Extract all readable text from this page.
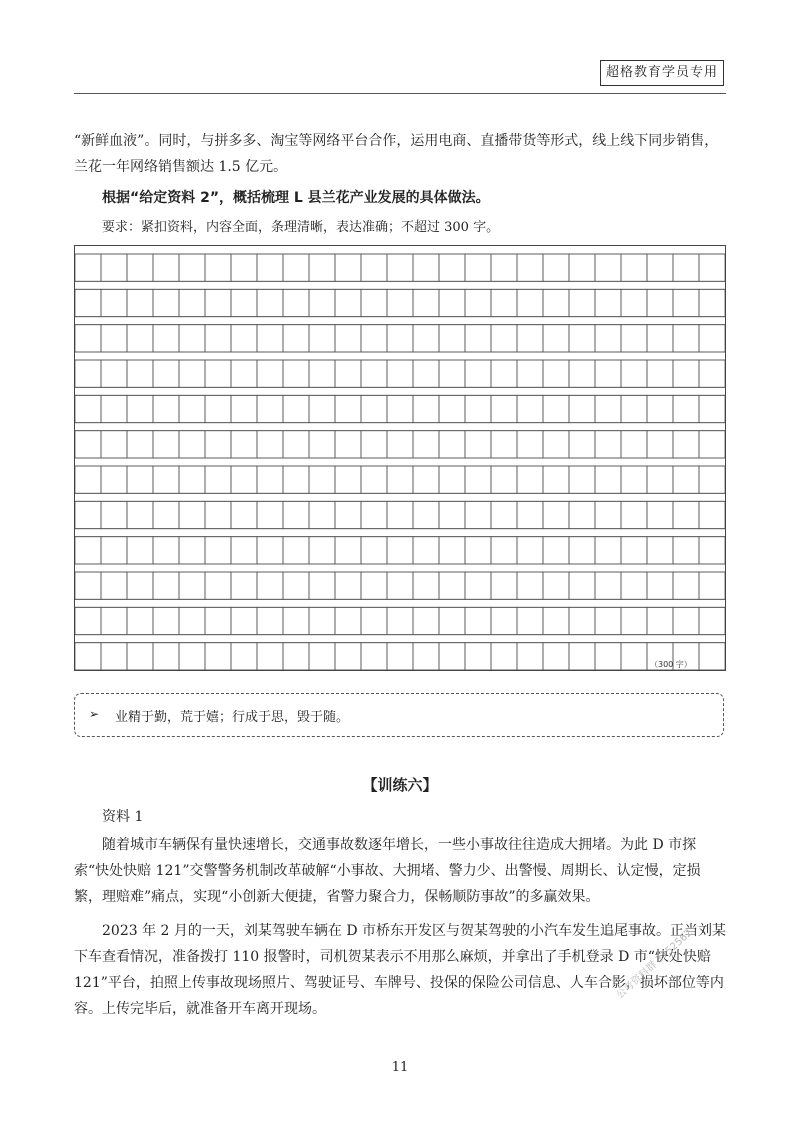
超格教育学员专用

“新鲜血液”。同时，与拼多多、淘宝等网络平台合作，运用电商、直播带货等形式，线上线下同步销售，兰花一年网络销售额达 1.5 亿元。

根据“给定资料 2”，概括梳理 L 县兰花产业发展的具体做法。
要求：紧扣资料，内容全面，条理清晰，表达准确；不超过 300 字。
（300 字）
➢ 业精于勤，荒于嬉；行成于思，毁于随。
【训练六】
资料 1

随着城市车辆保有量快速增长，交通事故数逐年增长，一些小事故往往造成大拥堵。为此 D 市探索“快处快赔 121”交警警务机制改革破解“小事故、大拥堵、警力少、出警慢、周期长、认定慢，定损繁，理赔难”痛点，实现“小创新大便捷，省警力聚合力，保畅顺防事故”的多赢效果。

2023 年 2 月的一天，刘某驾驶车辆在 D 市桥东开发区与贺某驾驶的小汽车发生追尾事故。正当刘某下车查看情况，准备拨打 110 报警时，司机贺某表示不用那么麻烦，并拿出了手机登录 D 市“快处快赔 121”平台，拍照上传事故现场照片、驾驶证号、车牌号、投保的保险公司信息、人车合影，损坏部位等内容。上传完毕后，就准备开车离开现场。

公考资料群 3752562
11
